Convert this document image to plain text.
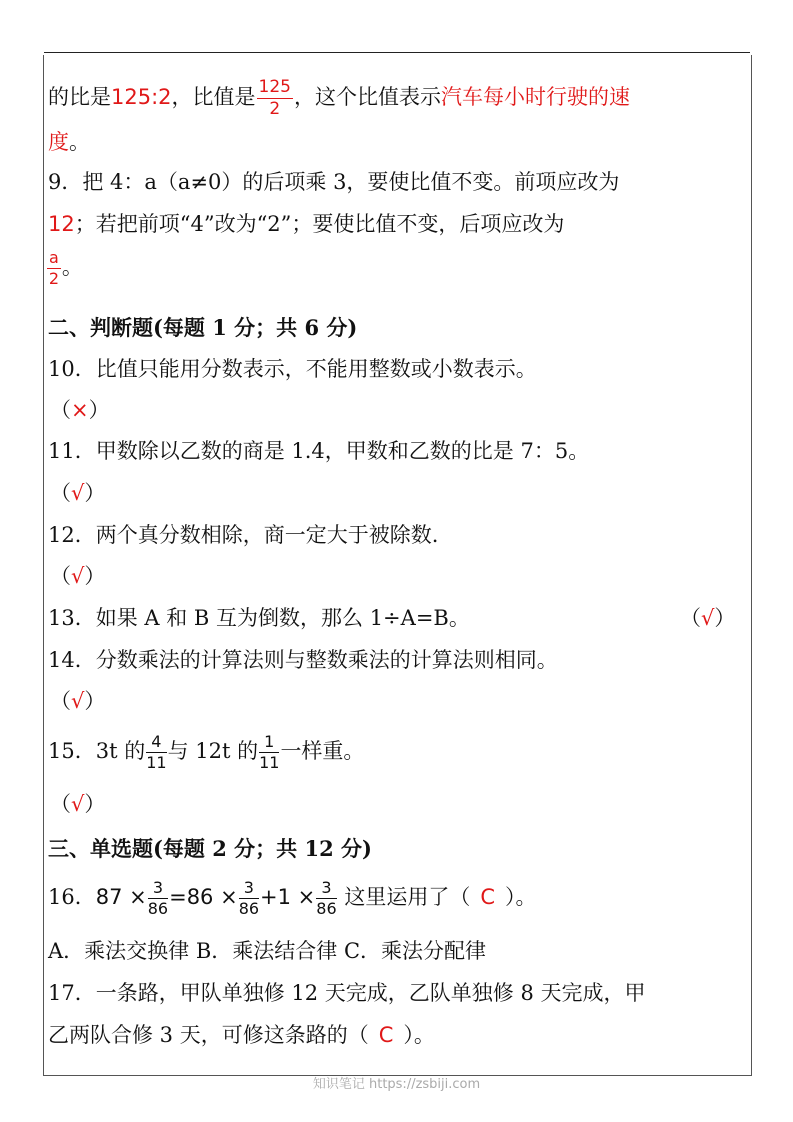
的比是125:2，比值是 $\frac{125}{2}$ ，这个比值表示汽车每小时行驶的速
度。
9．把 4：a（a≠0）的后项乘 3，要使比值不变。前项应改为
12；若把前项“4”改为“2”；要使比值不变，后项应改为
$\frac{a}{2}$ 。
二、判断题(每题 1 分；共 6 分)
10．比值只能用分数表示，不能用整数或小数表示。
（×）
11．甲数除以乙数的商是 1.4，甲数和乙数的比是 7：5。
（√）
12．两个真分数相除，商一定大于被除数.
（√）
13．如果 A 和 B 互为倒数，那么 1÷A=B。	（√）
14．分数乘法的计算法则与整数乘法的计算法则相同。
（√）
15．3t 的 $\frac{4}{11}$ 与 12t 的 $\frac{1}{11}$ 一样重。
（√）
三、单选题(每题 2 分；共 12 分)
16．$87 \times \frac{3}{86} =86 \times \frac{3}{86} +1 \times \frac{3}{86}$ 这里运用了（ C ）。
A．乘法交换律 B．乘法结合律 C．乘法分配律
17．一条路，甲队单独修 12 天完成，乙队单独修 8 天完成，甲
乙两队合修 3 天，可修这条路的（ C ）。
知识笔记 https://zsbiji.com
